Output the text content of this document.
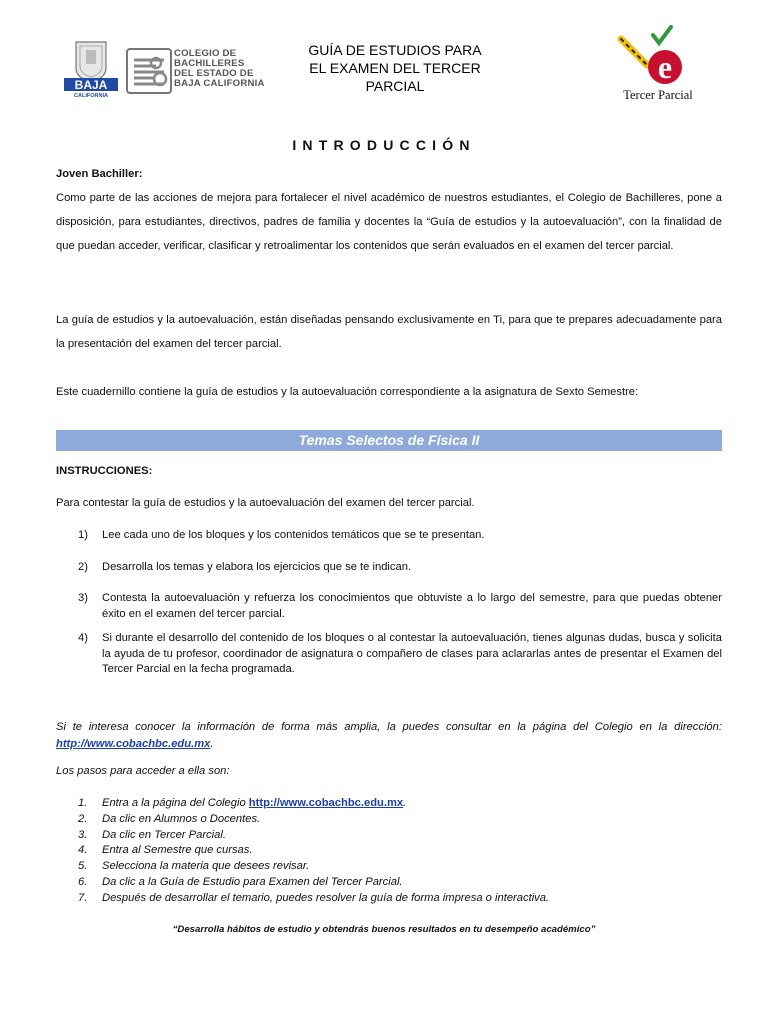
BAJA
CALIFORNIA
COLEGIO DE
BACHILLERES
DEL ESTADO DE
BAJA CALIFORNIA
GUÍA DE ESTUDIOS PARA
EL EXAMEN DEL TERCER
PARCIAL
e
Tercer Parcial
INTRODUCCIÓN

Joven Bachiller:

Como parte de las acciones de mejora para fortalecer el nivel académico de nuestros estudiantes, el Colegio de Bachilleres, pone a disposición, para estudiantes, directivos, padres de familia y docentes la “Guía de estudios y la autoevaluación”, con la finalidad de que puedan acceder, verificar, clasificar y retroalimentar los contenidos que serán evaluados en el examen del tercer parcial.

La guía de estudios y la autoevaluación, están diseñadas pensando exclusivamente en Ti, para que te prepares adecuadamente para la presentación del examen del tercer parcial.

Este cuadernillo contiene la guía de estudios y la autoevaluación correspondiente a la asignatura de Sexto Semestre:

Temas Selectos de Física II

INSTRUCCIONES:

Para contestar la guía de estudios y la autoevaluación del examen del tercer parcial.

1) Lee cada uno de los bloques y los contenidos temáticos que se te presentan.
2) Desarrolla los temas y elabora los ejercicios que se te indican.
3) Contesta la autoevaluación y refuerza los conocimientos que obtuviste a lo largo del semestre, para que puedas obtener éxito en el examen del tercer parcial.
4) Si durante el desarrollo del contenido de los bloques o al contestar la autoevaluación, tienes algunas dudas, busca y solicita la ayuda de tu profesor, coordinador de asignatura o compañero de clases para aclararlas antes de presentar el Examen del Tercer Parcial en la fecha programada.
Si te interesa conocer la información de forma más amplia, la puedes consultar en la página del Colegio en la dirección: http://www.cobachbc.edu.mx.

Los pasos para acceder a ella son:

1. Entra a la página del Colegio http://www.cobachbc.edu.mx.
2. Da clic en Alumnos o Docentes.
3. Da clic en Tercer Parcial.
4. Entra al Semestre que cursas.
5. Selecciona la materia que desees revisar.
6. Da clic a la Guía de Estudio para Examen del Tercer Parcial.
7. Después de desarrollar el temario, puedes resolver la guía de forma impresa o interactiva.
“Desarrolla hábitos de estudio y obtendrás buenos resultados en tu desempeño académico”
